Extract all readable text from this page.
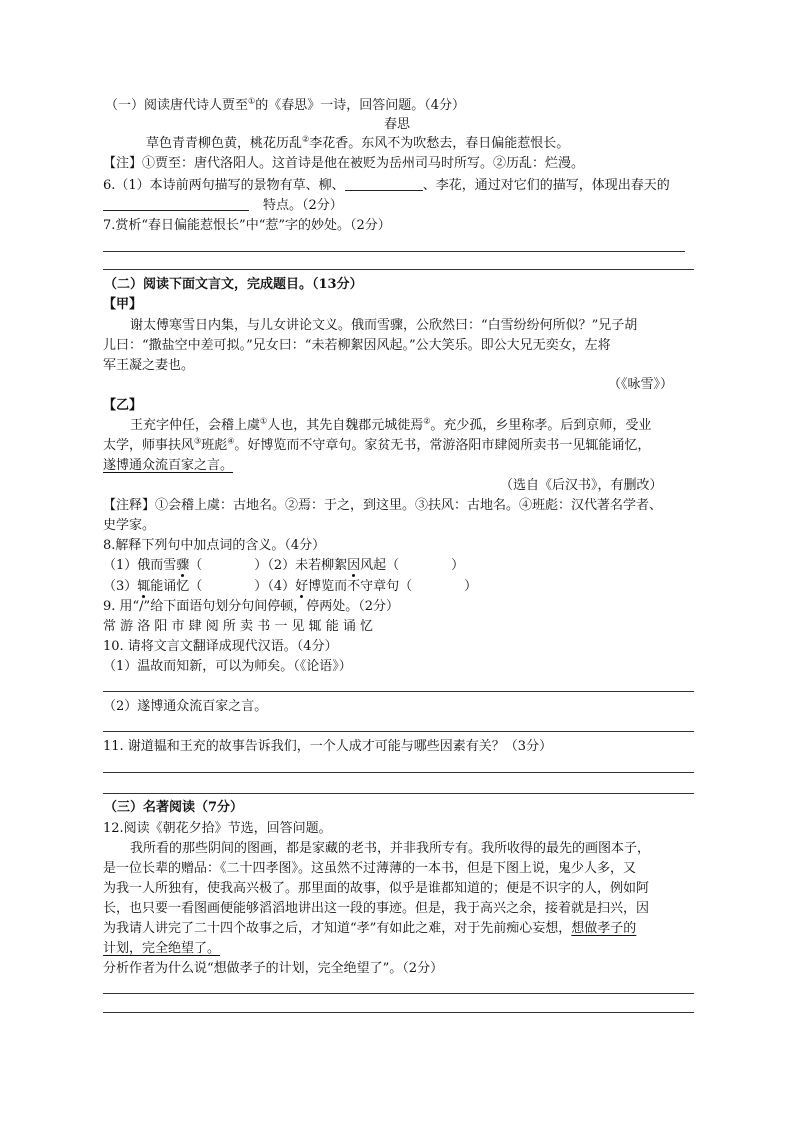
（一）阅读唐代诗人贾至①的《春思》一诗，回答问题。（4分）
春思
草色青青柳色黄，桃花历乱②李花香。东风不为吹愁去，春日偏能惹恨长。
【注】①贾至：唐代洛阳人。这首诗是他在被贬为岳州司马时所写。②历乱：烂漫。
6.（1）本诗前两句描写的景物有草、柳、	、李花，通过对它们的描写，体现出春天的
特点。（2分）
7.赏析“春日偏能惹恨长”中“惹”字的妙处。（2分）
（二）阅读下面文言文，完成题目。（13分）
【甲】
谢太傅寒雪日内集，与儿女讲论文义。俄而雪骤，公欣然曰：“白雪纷纷何所似？”兄子胡
儿曰：“撒盐空中差可拟。”兄女曰：“未若柳絮因风起。”公大笑乐。即公大兄无奕女，左将
军王凝之妻也。
（《咏雪》）
【乙】
王充字仲任，会稽上虞①人也，其先自魏郡元城徙焉②。充少孤，乡里称孝。后到京师，受业
太学，师事扶风③班彪④。好博览而不守章句。家贫无书，常游洛阳市肆阅所卖书一见辄能诵忆，
遂博通众流百家之言。
（选自《后汉书》，有删改）
【注释】①会稽上虞：古地名。②焉：于之，到这里。③扶风：古地名。④班彪：汉代著名学者、
史学家。
8.解释下列句中加点词的含义。（4分）
（1）俄而雪骤（　　　　）（2）未若柳絮因风起（　　　　）
（3）辄能诵忆（　　　　）（4）好博览而不守章句（　　　　）
9. 用“/”给下面语句划分句间停顿，停两处。（2分）
常 游 洛 阳 市 肆 阅 所 卖 书 一 见 辄 能 诵 忆
10. 请将文言文翻译成现代汉语。（4分）
（1）温故而知新，可以为师矣。（《论语》）
（2）遂博通众流百家之言。
11. 谢道韫和王充的故事告诉我们，一个人成才可能与哪些因素有关？（3分）
（三）名著阅读（7分）
12.阅读《朝花夕拾》节选，回答问题。
我所看的那些阴间的图画，都是家藏的老书，并非我所专有。我所收得的最先的画图本子，
是一位长辈的赠品：《二十四孝图》。这虽然不过薄薄的一本书，但是下图上说，鬼少人多，又
为我一人所独有，使我高兴极了。那里面的故事，似乎是谁都知道的；便是不识字的人，例如阿
长，也只要一看图画便能够滔滔地讲出这一段的事迹。但是，我于高兴之余，接着就是扫兴，因
为我请人讲完了二十四个故事之后，才知道“孝”有如此之难，对于先前痴心妄想，想做孝子的
计划，完全绝望了。
分析作者为什么说“想做孝子的计划，完全绝望了”。（2分）
